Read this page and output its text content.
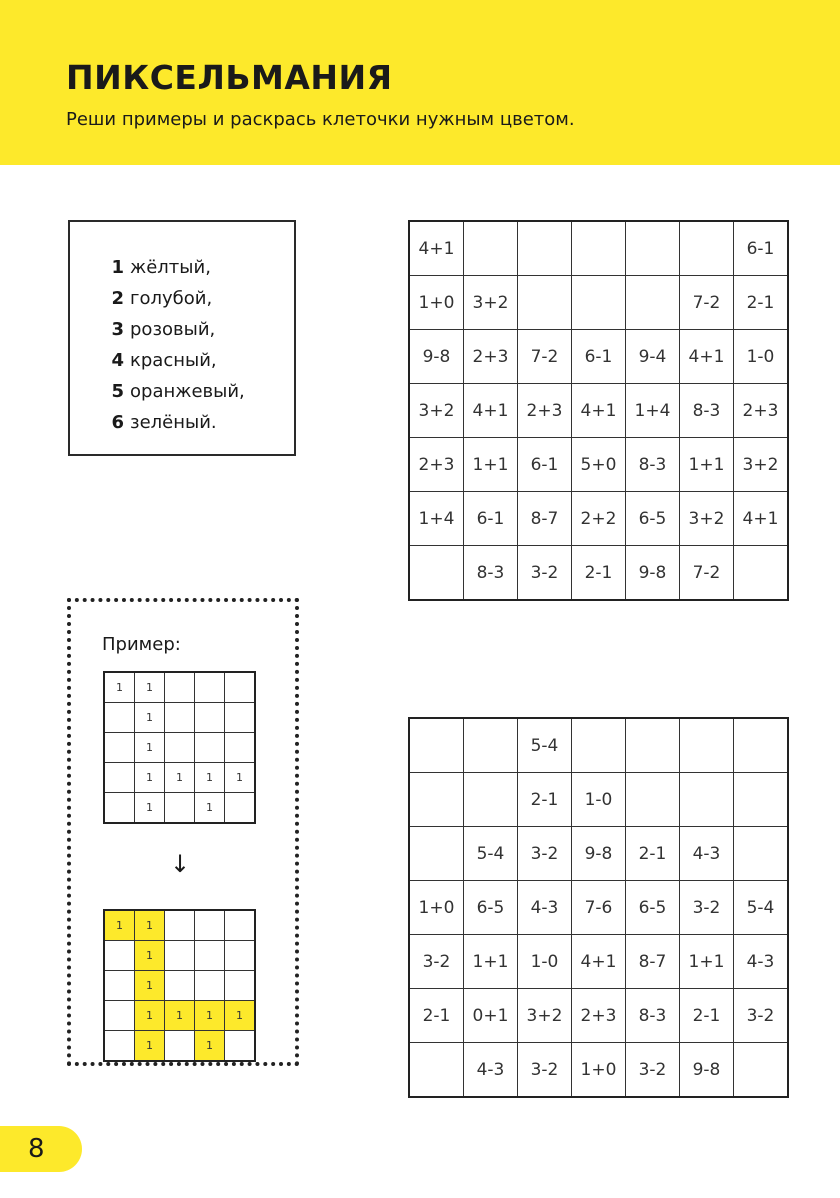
ПИКСЕЛЬМАНИЯ

Реши примеры и раскрась клеточки нужным цветом.

1 жёлтый,
2 голубой,
3 розовый,
4 красный,
5 оранжевый,
6 зелёный.
Пример:
1	1			
	1			
	1			
	1	1	1	1
	1		1	
↓
1	1			
	1			
	1			
	1	1	1	1
	1		1	
4+1						6-1
1+0	3+2				7-2	2-1
9-8	2+3	7-2	6-1	9-4	4+1	1-0
3+2	4+1	2+3	4+1	1+4	8-3	2+3
2+3	1+1	6-1	5+0	8-3	1+1	3+2
1+4	6-1	8-7	2+2	6-5	3+2	4+1
	8-3	3-2	2-1	9-8	7-2	
		5-4				
		2-1	1-0			
	5-4	3-2	9-8	2-1	4-3	
1+0	6-5	4-3	7-6	6-5	3-2	5-4
3-2	1+1	1-0	4+1	8-7	1+1	4-3
2-1	0+1	3+2	2+3	8-3	2-1	3-2
	4-3	3-2	1+0	3-2	9-8	
8
